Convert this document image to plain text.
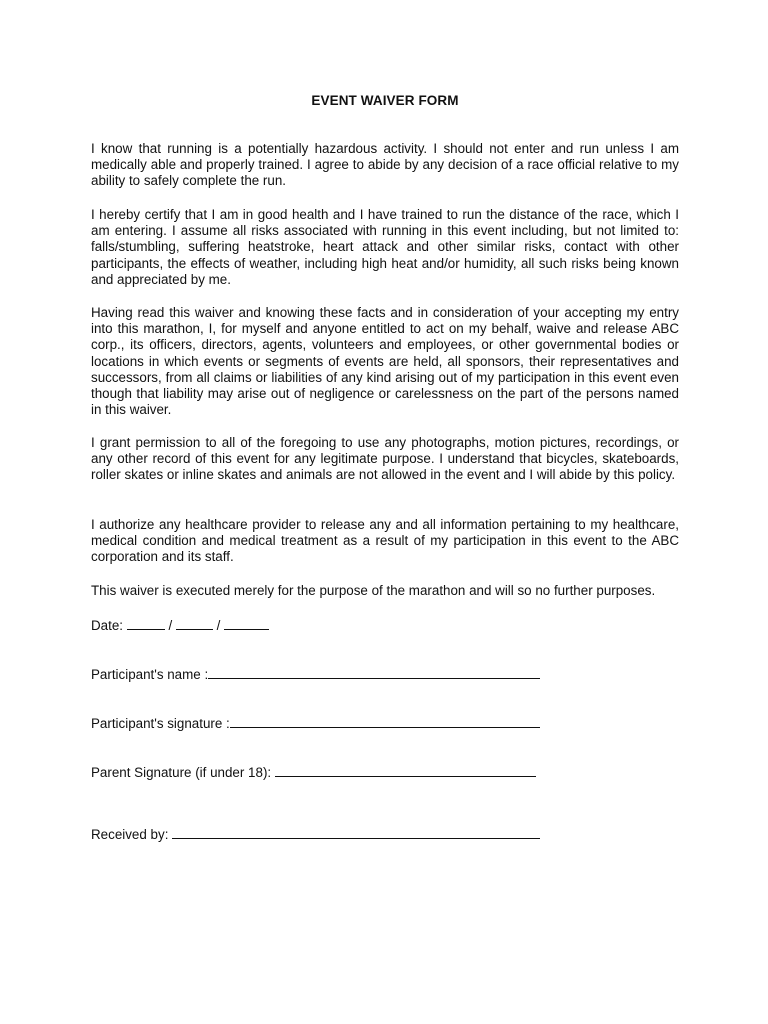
EVENT WAIVER FORM
I know that running is a potentially hazardous activity. I should not enter and run unless I am medically able and properly trained. I agree to abide by any decision of a race official relative to my ability to safely complete the run.
I hereby certify that I am in good health and I have trained to run the distance of the race, which I am entering. I assume all risks associated with running in this event including, but not limited to: falls/stumbling, suffering heatstroke, heart attack and other similar risks, contact with other participants, the effects of weather, including high heat and/or humidity, all such risks being known and appreciated by me.
Having read this waiver and knowing these facts and in consideration of your accepting my entry into this marathon, I, for myself and anyone entitled to act on my behalf, waive and release ABC corp., its officers, directors, agents, volunteers and employees, or other governmental bodies or locations in which events or segments of events are held, all sponsors, their representatives and successors, from all claims or liabilities of any kind arising out of my participation in this event even though that liability may arise out of negligence or carelessness on the part of the persons named in this waiver.
I grant permission to all of the foregoing to use any photographs, motion pictures, recordings, or any other record of this event for any legitimate purpose. I understand that bicycles, skateboards, roller skates or inline skates and animals are not allowed in the event and I will abide by this policy.
I authorize any healthcare provider to release any and all information pertaining to my healthcare, medical condition and medical treatment as a result of my participation in this event to the ABC corporation and its staff.
This waiver is executed merely for the purpose of the marathon and will so no further purposes.
Date:	/	/
Participant's name :
Participant's signature :
Parent Signature (if under 18):
Received by:
